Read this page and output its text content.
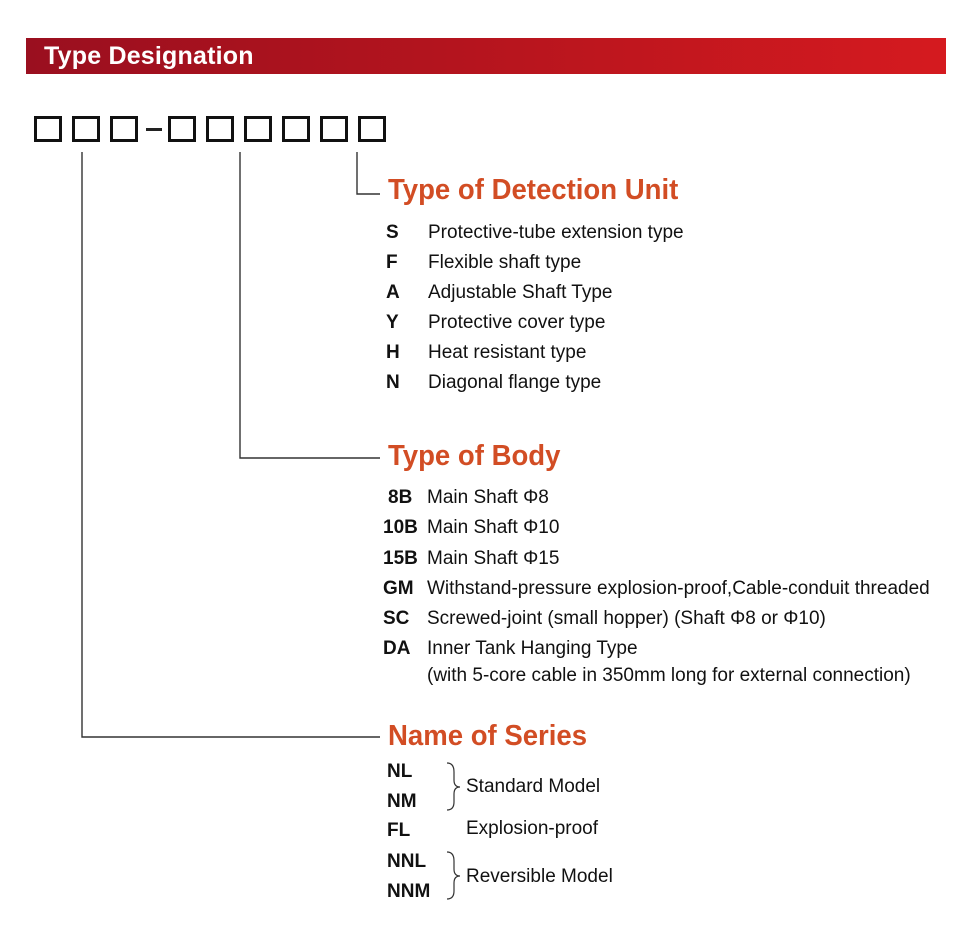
Type Designation
Type of Detection Unit
S Protective-tube extension type
F Flexible shaft type
A Adjustable Shaft Type
Y Protective cover type
H Heat resistant type
N Diagonal flange type
Type of Body
8B Main Shaft Φ8
10B Main Shaft Φ10
15B Main Shaft Φ15
GM Withstand-pressure explosion-proof,Cable-conduit threaded
SC Screwed-joint (small hopper) (Shaft Φ8 or Φ10)
DA Inner Tank Hanging Type
(with 5-core cable in 350mm long for external connection)
Name of Series
NL
NM
Standard Model
FL	Explosion-proof
NNL
NNM
Reversible Model
